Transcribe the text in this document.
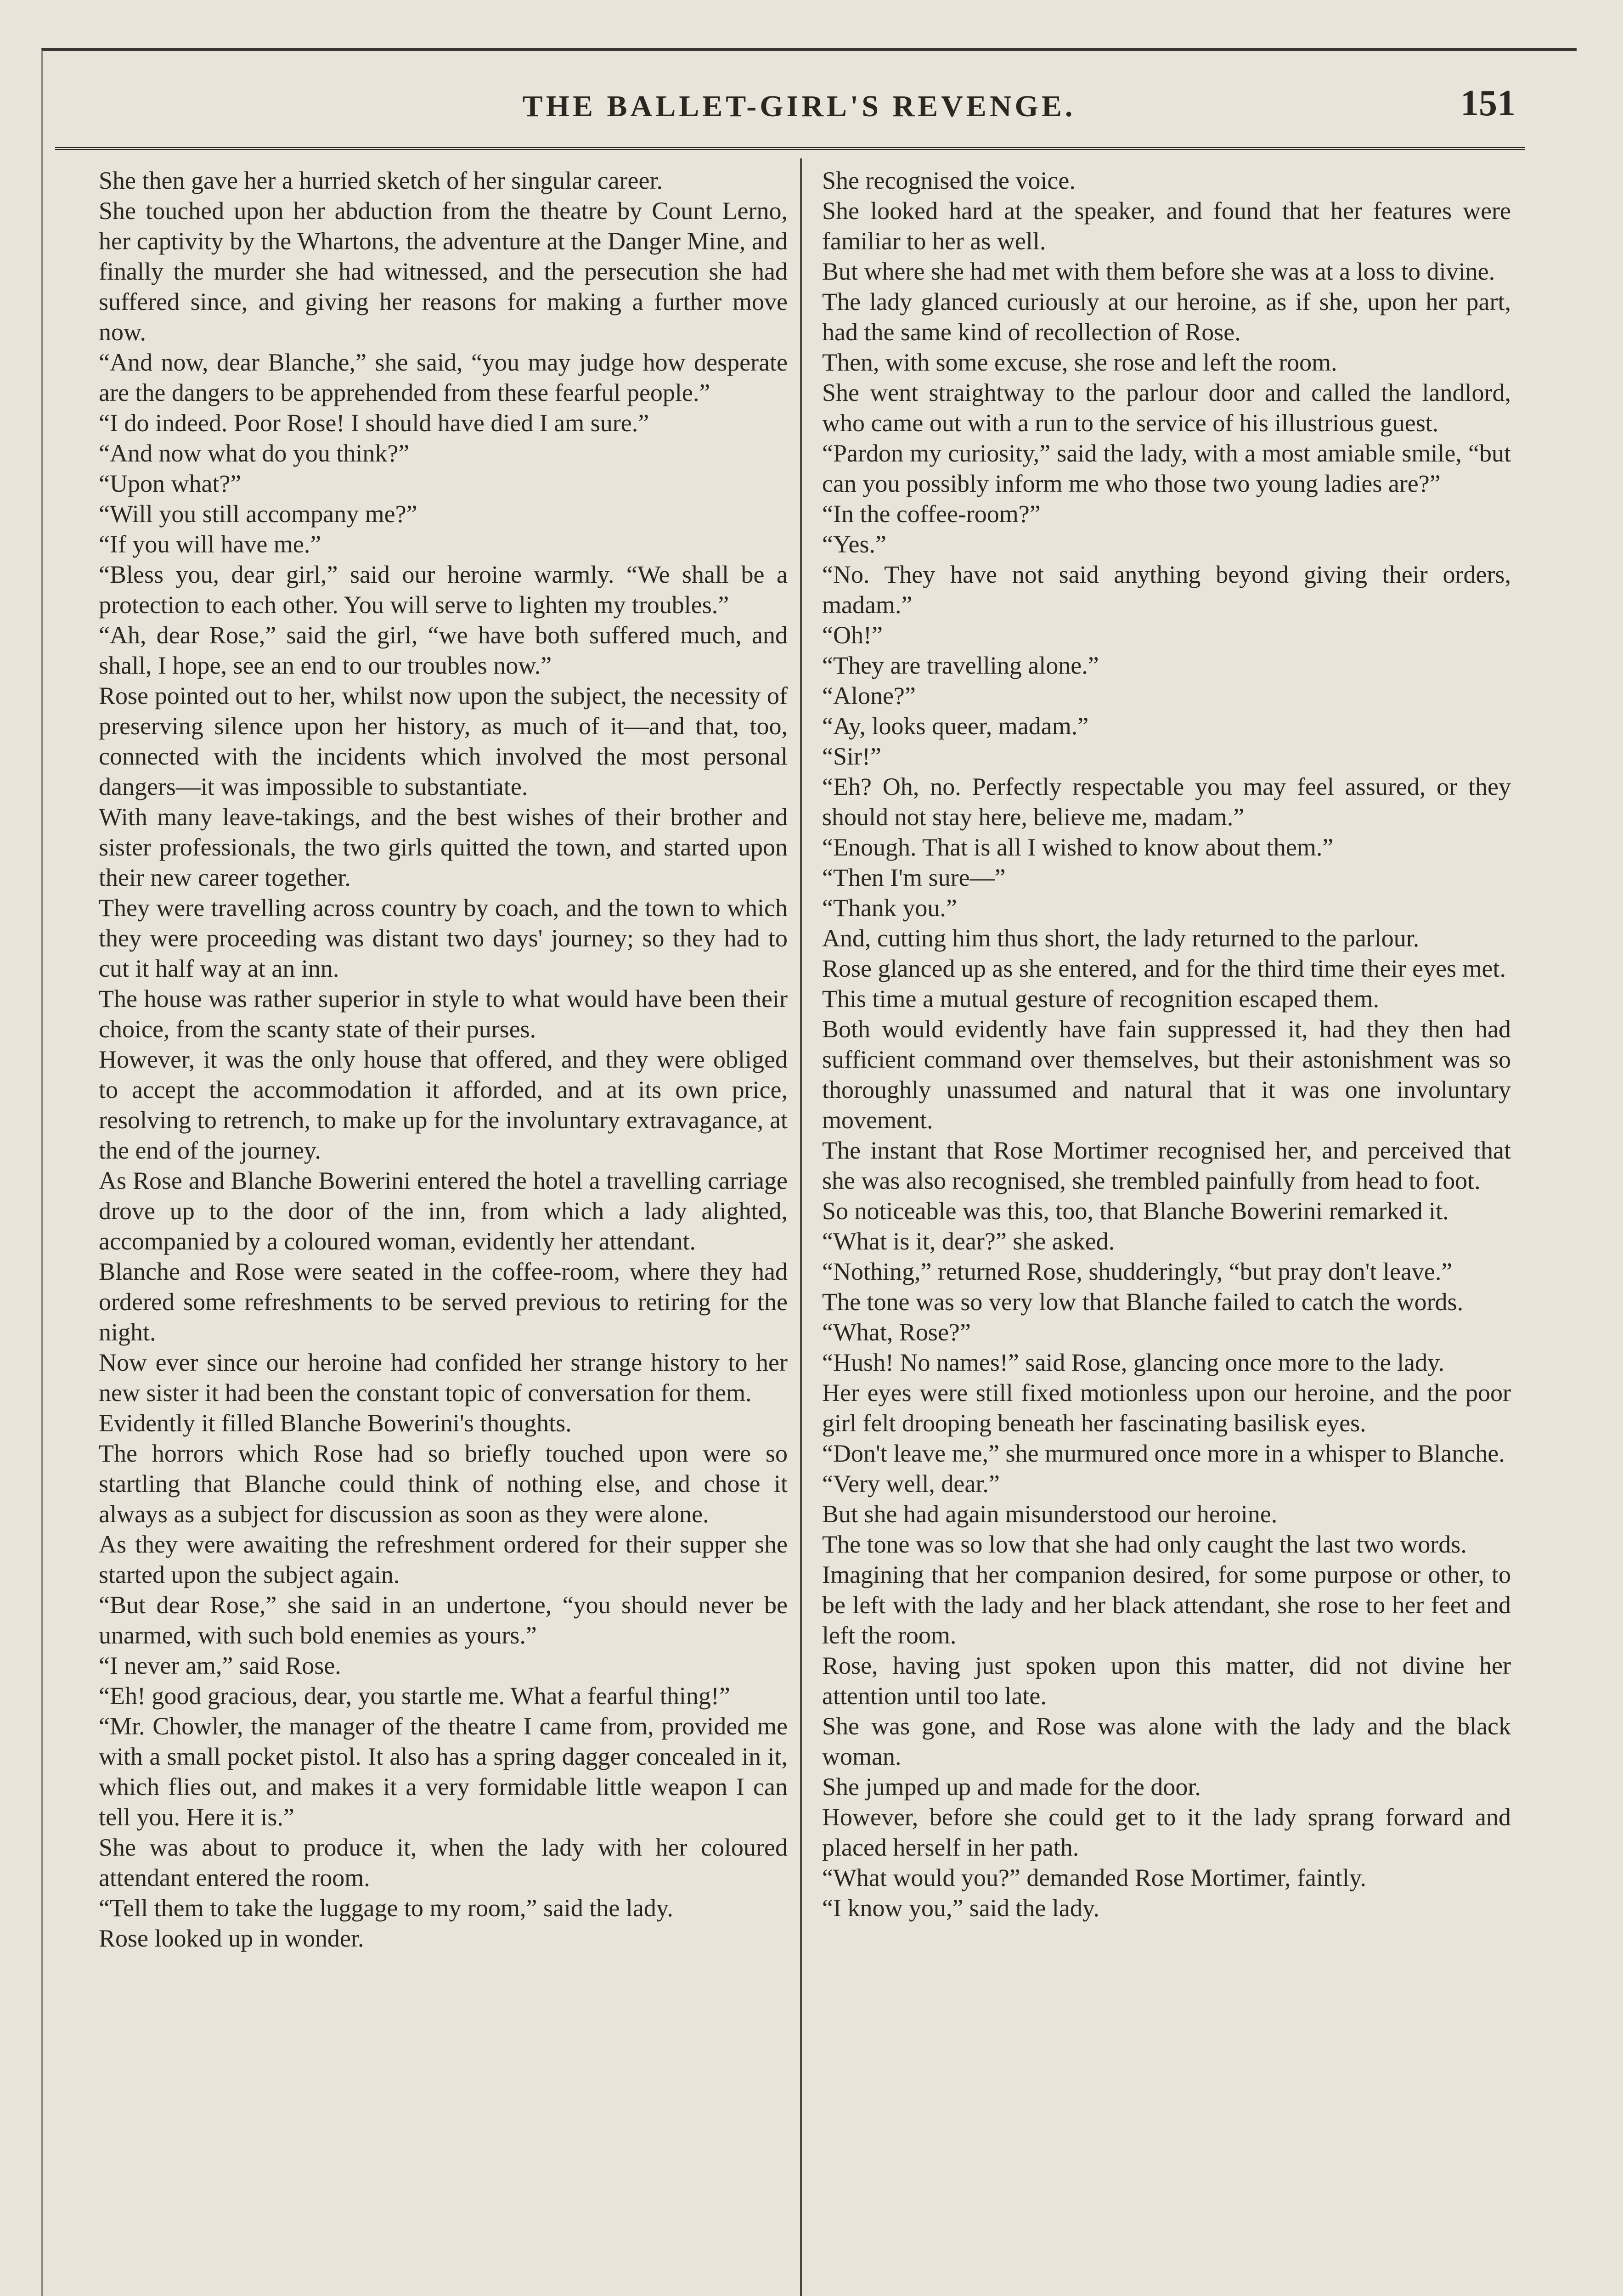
THE BALLET-GIRL'S REVENGE.	151

She then gave her a hurried sketch of her singular career.

She touched upon her abduction from the theatre by Count Lerno, her captivity by the Whartons, the adventure at the Danger Mine, and finally the murder she had witnessed, and the persecution she had suffered since, and giving her reasons for making a further move now.

“And now, dear Blanche,” she said, “you may judge how desperate are the dangers to be apprehended from these fearful people.”

“I do indeed. Poor Rose! I should have died I am sure.”

“And now what do you think?”

“Upon what?”

“Will you still accompany me?”

“If you will have me.”

“Bless you, dear girl,” said our heroine warmly. “We shall be a protection to each other. You will serve to lighten my troubles.”

“Ah, dear Rose,” said the girl, “we have both suffered much, and shall, I hope, see an end to our troubles now.”

Rose pointed out to her, whilst now upon the subject, the necessity of preserving silence upon her history, as much of it—and that, too, connected with the incidents which involved the most personal dangers—it was impossible to substantiate.

With many leave-takings, and the best wishes of their brother and sister professionals, the two girls quitted the town, and started upon their new career together.

They were travelling across country by coach, and the town to which they were proceeding was distant two days' journey; so they had to cut it half way at an inn.

The house was rather superior in style to what would have been their choice, from the scanty state of their purses.

However, it was the only house that offered, and they were obliged to accept the accommodation it afforded, and at its own price, resolving to retrench, to make up for the involuntary extravagance, at the end of the journey.

As Rose and Blanche Bowerini entered the hotel a travelling carriage drove up to the door of the inn, from which a lady alighted, accompanied by a coloured woman, evidently her attendant.

Blanche and Rose were seated in the coffee-room, where they had ordered some refreshments to be served previous to retiring for the night.

Now ever since our heroine had confided her strange history to her new sister it had been the constant topic of conversation for them.

Evidently it filled Blanche Bowerini's thoughts.

The horrors which Rose had so briefly touched upon were so startling that Blanche could think of nothing else, and chose it always as a subject for discussion as soon as they were alone.

As they were awaiting the refreshment ordered for their supper she started upon the subject again.

“But dear Rose,” she said in an undertone, “you should never be unarmed, with such bold enemies as yours.”

“I never am,” said Rose.

“Eh! good gracious, dear, you startle me. What a fearful thing!”

“Mr. Chowler, the manager of the theatre I came from, provided me with a small pocket pistol. It also has a spring dagger concealed in it, which flies out, and makes it a very formidable little weapon I can tell you. Here it is.”

She was about to produce it, when the lady with her coloured attendant entered the room.

“Tell them to take the luggage to my room,” said the lady.

Rose looked up in wonder.

She recognised the voice.

She looked hard at the speaker, and found that her features were familiar to her as well.

But where she had met with them before she was at a loss to divine.

The lady glanced curiously at our heroine, as if she, upon her part, had the same kind of recollection of Rose.

Then, with some excuse, she rose and left the room.

She went straightway to the parlour door and called the landlord, who came out with a run to the service of his illustrious guest.

“Pardon my curiosity,” said the lady, with a most amiable smile, “but can you possibly inform me who those two young ladies are?”

“In the coffee-room?”

“Yes.”

“No. They have not said anything beyond giving their orders, madam.”

“Oh!”

“They are travelling alone.”

“Alone?”

“Ay, looks queer, madam.”

“Sir!”

“Eh? Oh, no. Perfectly respectable you may feel assured, or they should not stay here, believe me, madam.”

“Enough. That is all I wished to know about them.”

“Then I'm sure—”

“Thank you.”

And, cutting him thus short, the lady returned to the parlour.

Rose glanced up as she entered, and for the third time their eyes met.

This time a mutual gesture of recognition escaped them.

Both would evidently have fain suppressed it, had they then had sufficient command over themselves, but their astonishment was so thoroughly unassumed and natural that it was one involuntary movement.

The instant that Rose Mortimer recognised her, and perceived that she was also recognised, she trembled painfully from head to foot.

So noticeable was this, too, that Blanche Bowerini remarked it.

“What is it, dear?” she asked.

“Nothing,” returned Rose, shudderingly, “but pray don't leave.”

The tone was so very low that Blanche failed to catch the words.

“What, Rose?”

“Hush! No names!” said Rose, glancing once more to the lady.

Her eyes were still fixed motionless upon our heroine, and the poor girl felt drooping beneath her fascinating basilisk eyes.

“Don't leave me,” she murmured once more in a whisper to Blanche.

“Very well, dear.”

But she had again misunderstood our heroine.

The tone was so low that she had only caught the last two words.

Imagining that her companion desired, for some purpose or other, to be left with the lady and her black attendant, she rose to her feet and left the room.

Rose, having just spoken upon this matter, did not divine her attention until too late.

She was gone, and Rose was alone with the lady and the black woman.

She jumped up and made for the door.

However, before she could get to it the lady sprang forward and placed herself in her path.

“What would you?” demanded Rose Mortimer, faintly.

“I know you,” said the lady.
